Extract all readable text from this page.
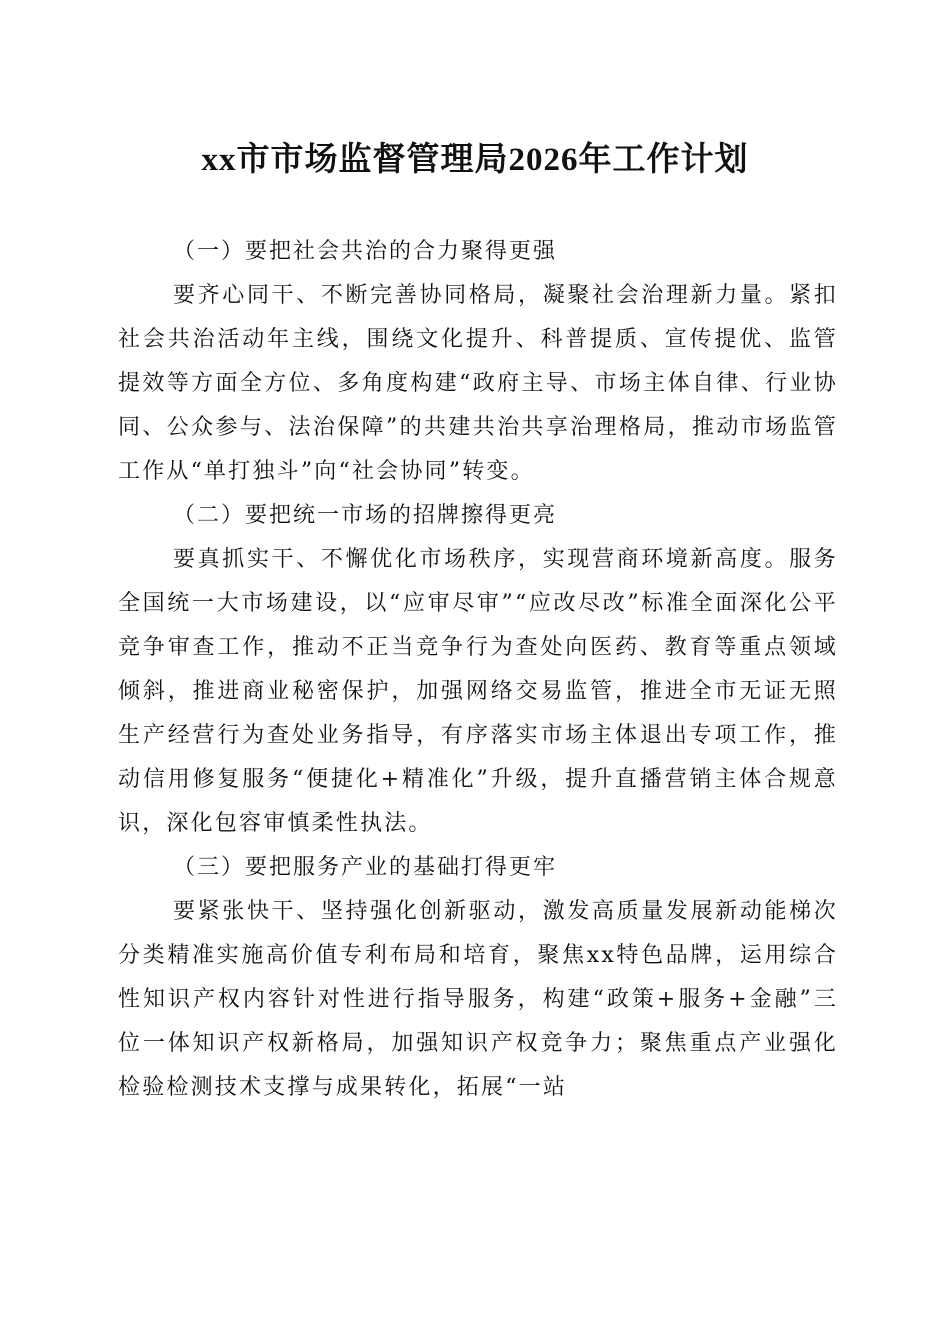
xx市市场监督管理局2026年工作计划
（一）要把社会共治的合力聚得更强

要齐心同干、不断完善协同格局，凝聚社会治理新力量。紧扣社会共治活动年主线，围绕文化提升、科普提质、宣传提优、监管提效等方面全方位、多角度构建“政府主导、市场主体自律、行业协同、公众参与、法治保障”的共建共治共享治理格局，推动市场监管工作从“单打独斗”向“社会协同”转变。

（二）要把统一市场的招牌擦得更亮

要真抓实干、不懈优化市场秩序，实现营商环境新高度。服务全国统一大市场建设，以“应审尽审”“应改尽改”标准全面深化公平竞争审查工作，推动不正当竞争行为查处向医药、教育等重点领域倾斜，推进商业秘密保护，加强网络交易监管，推进全市无证无照生产经营行为查处业务指导，有序落实市场主体退出专项工作，推动信用修复服务“便捷化+精准化”升级，提升直播营销主体合规意识，深化包容审慎柔性执法。

（三）要把服务产业的基础打得更牢

要紧张快干、坚持强化创新驱动，激发高质量发展新动能梯次分类精准实施高价值专利布局和培育，聚焦xx特色品牌，运用综合性知识产权内容针对性进行指导服务，构建“政策+服务+金融”三位一体知识产权新格局，加强知识产权竞争力；聚焦重点产业强化检验检测技术支撑与成果转化，拓展“一站
